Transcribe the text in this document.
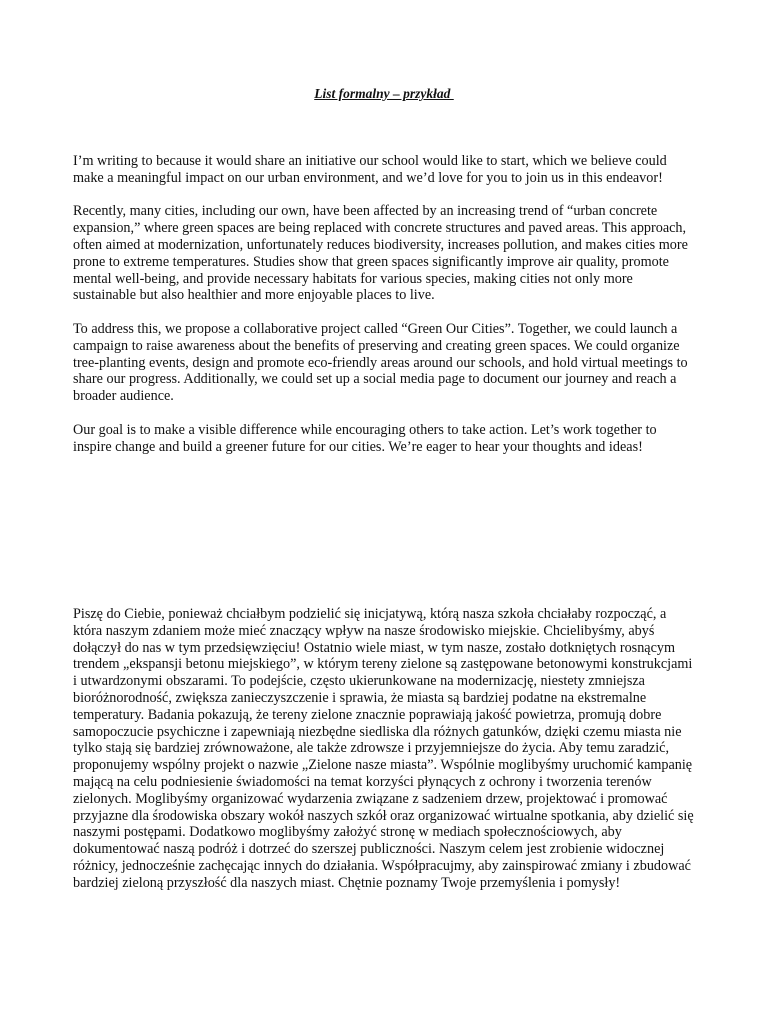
List formalny – przykład

I’m writing to because it would share an initiative our school would like to start, which we believe could make a meaningful impact on our urban environment, and we’d love for you to join us in this endeavor!

Recently, many cities, including our own, have been affected by an increasing trend of “urban concrete expansion,” where green spaces are being replaced with concrete structures and paved areas. This approach, often aimed at modernization, unfortunately reduces biodiversity, increases pollution, and makes cities more prone to extreme temperatures. Studies show that green spaces significantly improve air quality, promote mental well-being, and provide necessary habitats for various species, making cities not only more sustainable but also healthier and more enjoyable places to live.

To address this, we propose a collaborative project called “Green Our Cities”. Together, we could launch a campaign to raise awareness about the benefits of preserving and creating green spaces. We could organize tree-planting events, design and promote eco-friendly areas around our schools, and hold virtual meetings to share our progress. Additionally, we could set up a social media page to document our journey and reach a broader audience.

Our goal is to make a visible difference while encouraging others to take action. Let’s work together to inspire change and build a greener future for our cities. We’re eager to hear your thoughts and ideas!

Piszę do Ciebie, ponieważ chciałbym podzielić się inicjatywą, którą nasza szkoła chciałaby rozpocząć, a która naszym zdaniem może mieć znaczący wpływ na nasze środowisko miejskie. Chcielibyśmy, abyś dołączył do nas w tym przedsięwzięciu! Ostatnio wiele miast, w tym nasze, zostało dotkniętych rosnącym trendem „ekspansji betonu miejskiego”, w którym tereny zielone są zastępowane betonowymi konstrukcjami i utwardzonymi obszarami. To podejście, często ukierunkowane na modernizację, niestety zmniejsza bioróżnorodność, zwiększa zanieczyszczenie i sprawia, że miasta są bardziej podatne na ekstremalne temperatury. Badania pokazują, że tereny zielone znacznie poprawiają jakość powietrza, promują dobre samopoczucie psychiczne i zapewniają niezbędne siedliska dla różnych gatunków, dzięki czemu miasta nie tylko stają się bardziej zrównoważone, ale także zdrowsze i przyjemniejsze do życia. Aby temu zaradzić, proponujemy wspólny projekt o nazwie „Zielone nasze miasta”. Wspólnie moglibyśmy uruchomić kampanię mającą na celu podniesienie świadomości na temat korzyści płynących z ochrony i tworzenia terenów zielonych. Moglibyśmy organizować wydarzenia związane z sadzeniem drzew, projektować i promować przyjazne dla środowiska obszary wokół naszych szkół oraz organizować wirtualne spotkania, aby dzielić się naszymi postępami. Dodatkowo moglibyśmy założyć stronę w mediach społecznościowych, aby dokumentować naszą podróż i dotrzeć do szerszej publiczności. Naszym celem jest zrobienie widocznej różnicy, jednocześnie zachęcając innych do działania. Współpracujmy, aby zainspirować zmiany i zbudować bardziej zieloną przyszłość dla naszych miast. Chętnie poznamy Twoje przemyślenia i pomysły!
